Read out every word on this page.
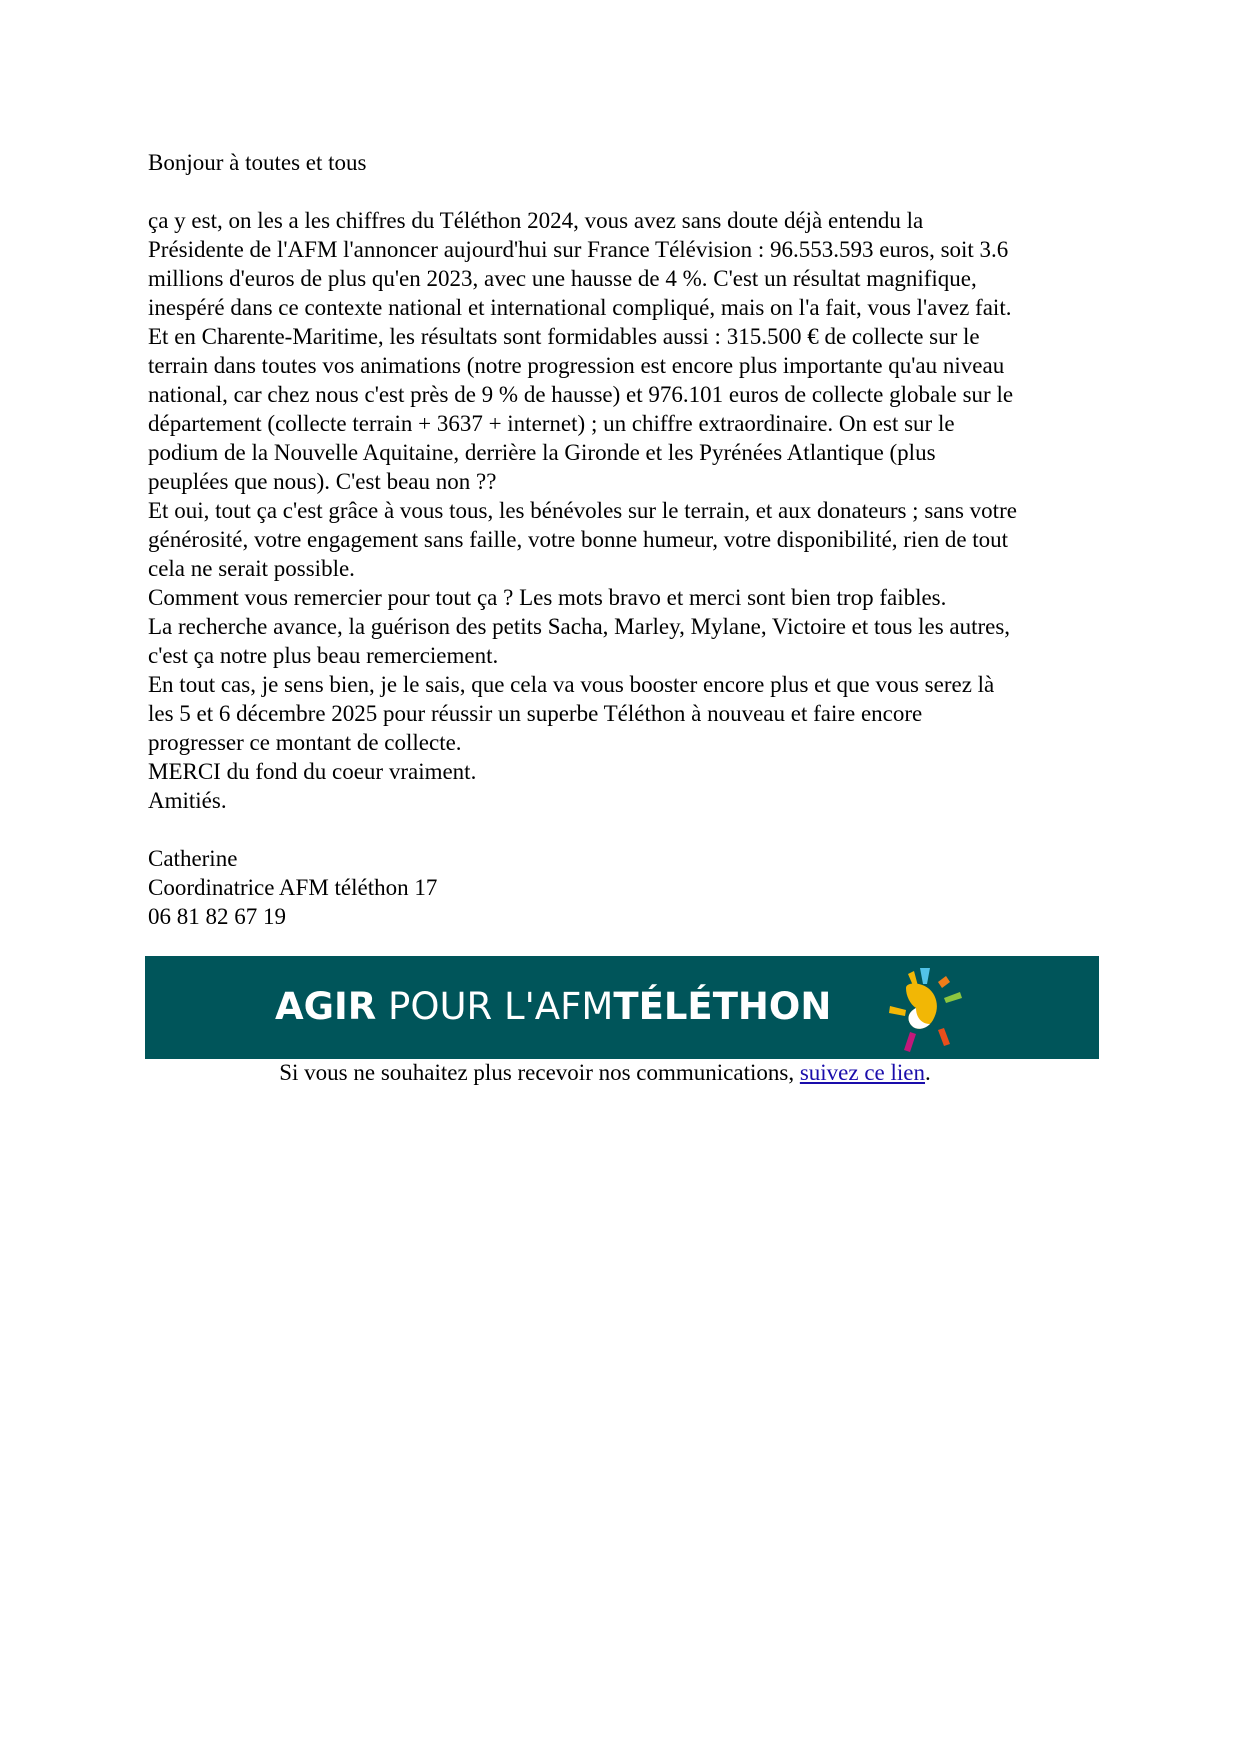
Bonjour à toutes et tous

ça y est, on les a les chiffres du Téléthon 2024, vous avez sans doute déjà entendu la

Présidente de l'AFM l'annoncer aujourd'hui sur France Télévision : 96.553.593 euros, soit 3.6

millions d'euros de plus qu'en 2023, avec une hausse de 4 %. C'est un résultat magnifique,

inespéré dans ce contexte national et international compliqué, mais on l'a fait, vous l'avez fait.

Et en Charente-Maritime, les résultats sont formidables aussi : 315.500 € de collecte sur le

terrain dans toutes vos animations (notre progression est encore plus importante qu'au niveau

national, car chez nous c'est près de 9 % de hausse) et 976.101 euros de collecte globale sur le

département (collecte terrain + 3637 + internet) ; un chiffre extraordinaire. On est sur le

podium de la Nouvelle Aquitaine, derrière la Gironde et les Pyrénées Atlantique (plus

peuplées que nous). C'est beau non ??

Et oui, tout ça c'est grâce à vous tous, les bénévoles sur le terrain, et aux donateurs ; sans votre

générosité, votre engagement sans faille, votre bonne humeur, votre disponibilité, rien de tout

cela ne serait possible.

Comment vous remercier pour tout ça ? Les mots bravo et merci sont bien trop faibles.

La recherche avance, la guérison des petits Sacha, Marley, Mylane, Victoire et tous les autres,

c'est ça notre plus beau remerciement.

En tout cas, je sens bien, je le sais, que cela va vous booster encore plus et que vous serez là

les 5 et 6 décembre 2025 pour réussir un superbe Téléthon à nouveau et faire encore

progresser ce montant de collecte.

MERCI du fond du coeur vraiment.

Amitiés.

Catherine

Coordinatrice AFM téléthon 17

06 81 82 67 19

AGIR POUR L'AFMTÉLÉTHON
Si vous ne souhaitez plus recevoir nos communications, suivez ce lien.
